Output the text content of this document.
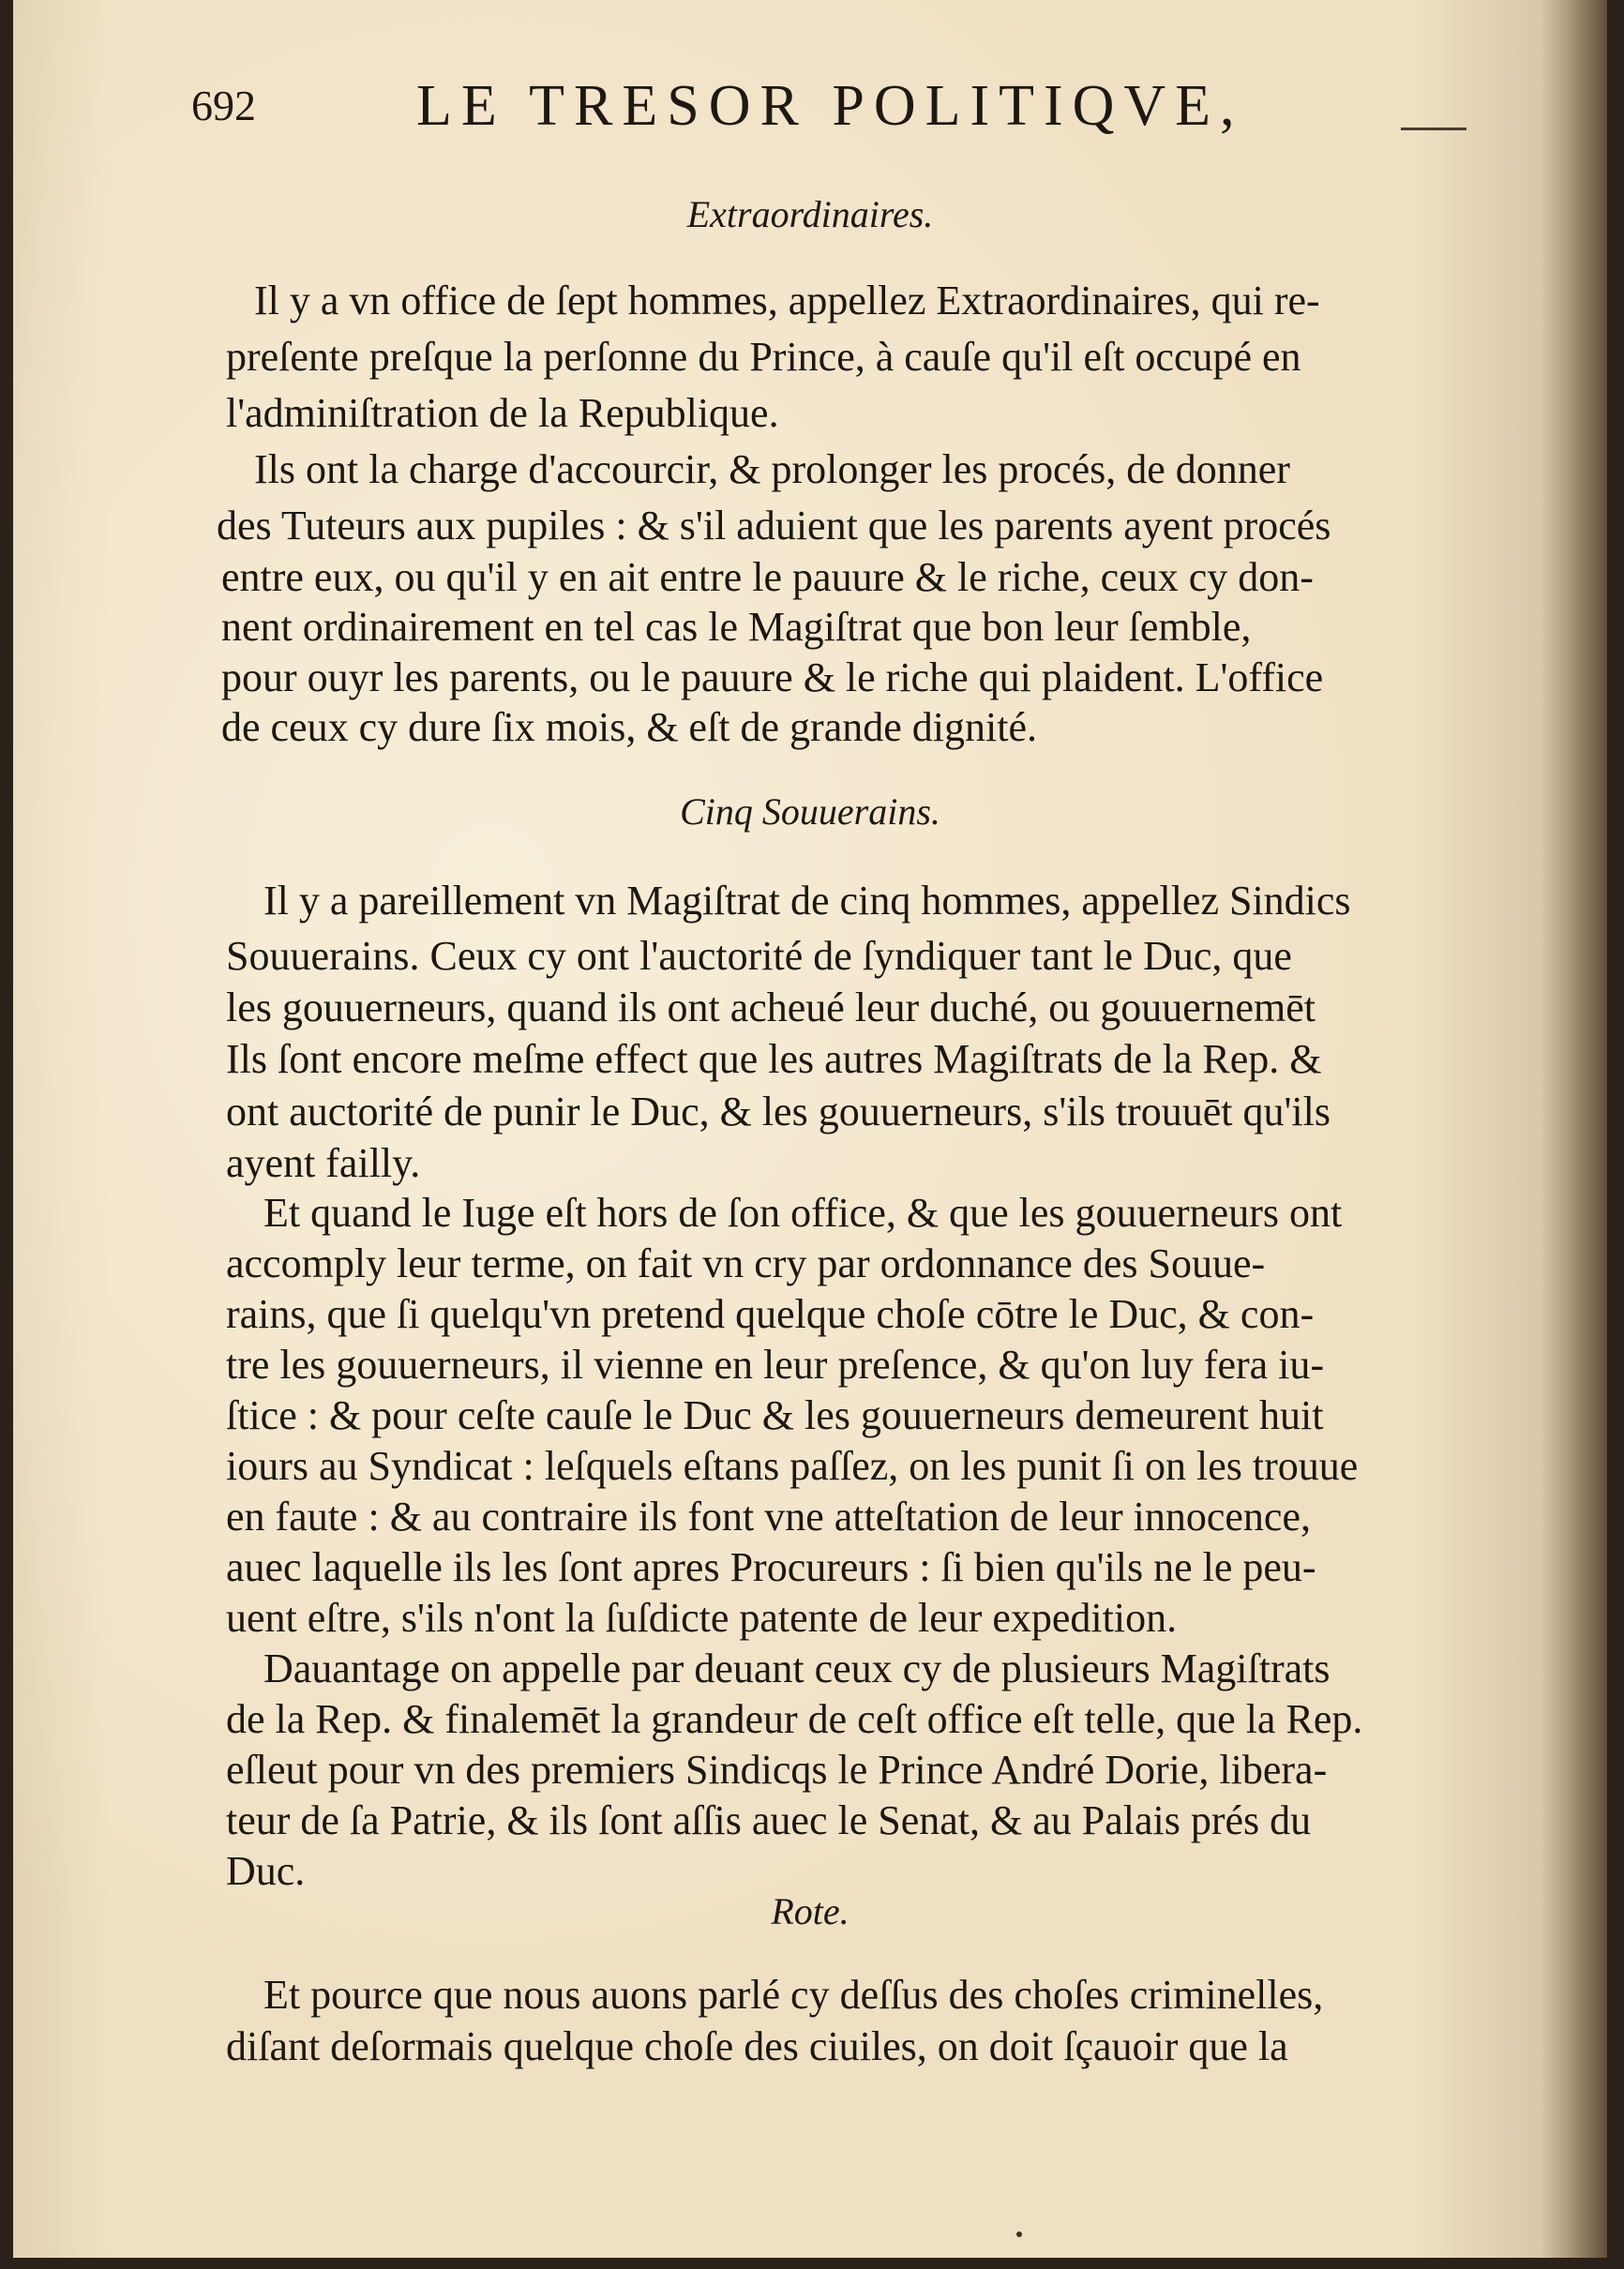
692	LE TRESOR POLITIQVE,
Extraordinaires.
Il y a vn office de ſept hommes, appellez Extraordinaires, qui re-
preſente preſque la perſonne du Prince, à cauſe qu'il eſt occupé en
l'adminiſtration de la Republique.
Ils ont la charge d'accourcir, & prolonger les procés, de donner
des Tuteurs aux pupiles : & s'il aduient que les parents ayent procés
entre eux, ou qu'il y en ait entre le pauure & le riche, ceux cy don-
nent ordinairement en tel cas le Magiſtrat que bon leur ſemble,
pour ouyr les parents, ou le pauure & le riche qui plaident. L'office
de ceux cy dure ſix mois, & eſt de grande dignité.
Cinq Souuerains.
Il y a pareillement vn Magiſtrat de cinq hommes, appellez Sindics
Souuerains. Ceux cy ont l'auctorité de ſyndiquer tant le Duc, que
les gouuerneurs, quand ils ont acheué leur duché, ou gouuernemēt
Ils ſont encore meſme effect que les autres Magiſtrats de la Rep. &
ont auctorité de punir le Duc, & les gouuerneurs, s'ils trouuēt qu'ils
ayent failly.
Et quand le Iuge eſt hors de ſon office, & que les gouuerneurs ont
accomply leur terme, on fait vn cry par ordonnance des Souue-
rains, que ſi quelqu'vn pretend quelque choſe cōtre le Duc, & con-
tre les gouuerneurs, il vienne en leur preſence, & qu'on luy fera iu-
ſtice : & pour ceſte cauſe le Duc & les gouuerneurs demeurent huit
iours au Syndicat : leſquels eſtans paſſez, on les punit ſi on les trouue
en faute : & au contraire ils font vne atteſtation de leur innocence,
auec laquelle ils les ſont apres Procureurs : ſi bien qu'ils ne le peu-
uent eſtre, s'ils n'ont la ſuſdicte patente de leur expedition.
Dauantage on appelle par deuant ceux cy de plusieurs Magiſtrats
de la Rep. & finalemēt la grandeur de ceſt office eſt telle, que la Rep.
eſleut pour vn des premiers Sindicqs le Prince André Dorie, libera-
teur de ſa Patrie, & ils ſont aſſis auec le Senat, & au Palais prés du
Duc.
Rote.
Et pource que nous auons parlé cy deſſus des choſes criminelles,
diſant deſormais quelque choſe des ciuiles, on doit ſçauoir que la
